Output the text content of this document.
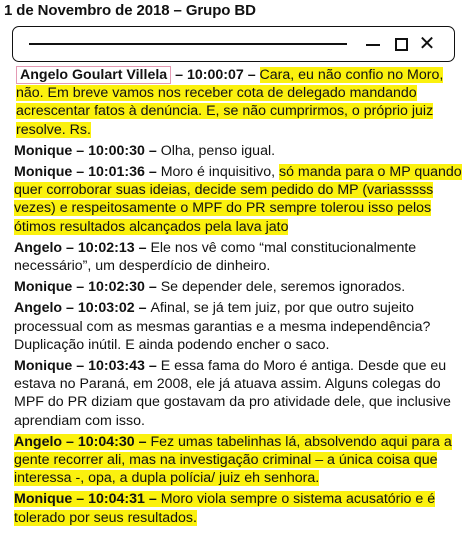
1 de Novembro de 2018 – Grupo BD
✕
Angelo Goulart Villela – 10:00:07 – Cara, eu não confio no Moro, não. Em breve vamos nos receber cota de delegado mandando acrescentar fatos à denúncia. E, se não cumprirmos, o próprio juiz resolve. Rs.
Monique – 10:00:30 – Olha, penso igual.
Monique – 10:01:36 – Moro é inquisitivo, só manda para o MP quando quer corroborar suas ideias, decide sem pedido do MP (variasssss vezes) e respeitosamente o MPF do PR sempre tolerou isso pelos ótimos resultados alcançados pela lava jato
Angelo – 10:02:13 – Ele nos vê como “mal constitucionalmente necessário”, um desperdício de dinheiro.
Monique – 10:02:30 – Se depender dele, seremos ignorados.
Angelo – 10:03:02 – Afinal, se já tem juiz, por que outro sujeito processual com as mesmas garantias e a mesma independência? Duplicação inútil. E ainda podendo encher o saco.
Monique – 10:03:43 – E essa fama do Moro é antiga. Desde que eu estava no Paraná, em 2008, ele já atuava assim. Alguns colegas do MPF do PR diziam que gostavam da pro atividade dele, que inclusive aprendiam com isso.
Angelo – 10:04:30 – Fez umas tabelinhas lá, absolvendo aqui para a gente recorrer ali, mas na investigação criminal – a única coisa que interessa -, opa, a dupla polícia/ juiz eh senhora.
Monique – 10:04:31 – Moro viola sempre o sistema acusatório e é tolerado por seus resultados.
